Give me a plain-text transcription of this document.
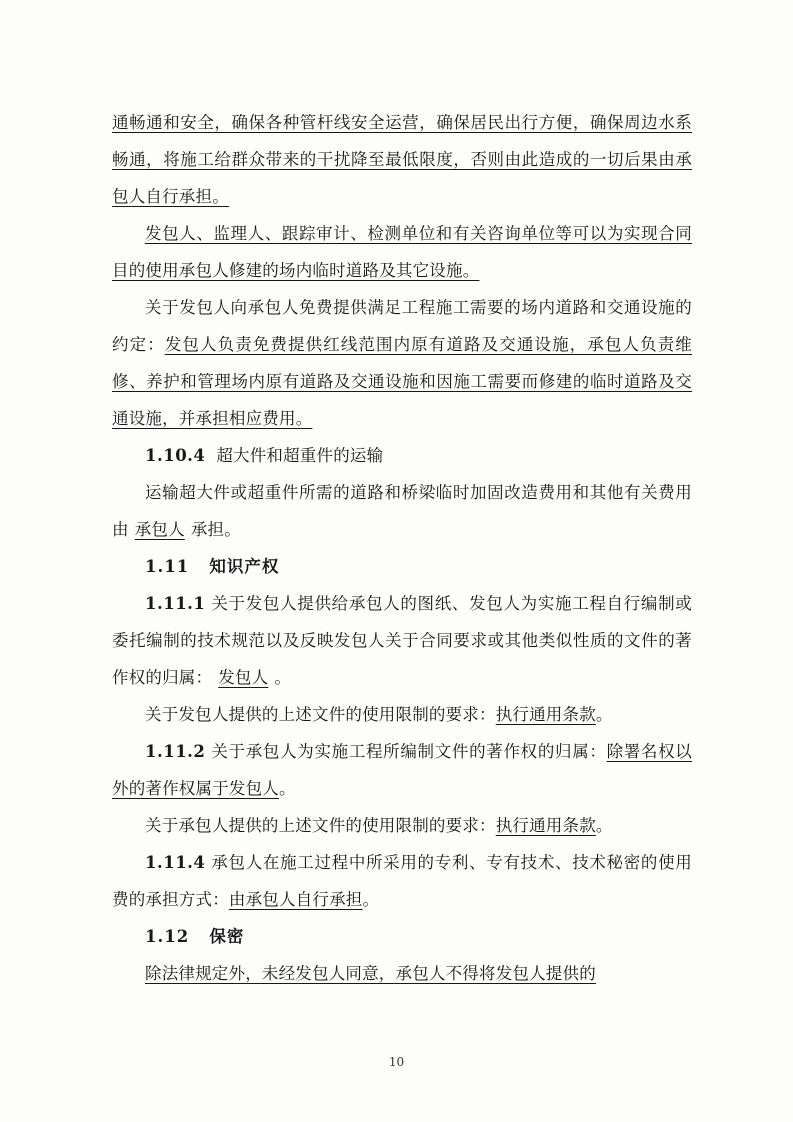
通畅通和安全，确保各种管杆线安全运营，确保居民出行方便，确保周边水系畅通，将施工给群众带来的干扰降至最低限度，否则由此造成的一切后果由承包人自行承担。

发包人、监理人、跟踪审计、检测单位和有关咨询单位等可以为实现合同目的使用承包人修建的场内临时道路及其它设施。

关于发包人向承包人免费提供满足工程施工需要的场内道路和交通设施的约定：发包人负责免费提供红线范围内原有道路及交通设施，承包人负责维修、养护和管理场内原有道路及交通设施和因施工需要而修建的临时道路及交通设施，并承担相应费用。

1.10.4 超大件和超重件的运输

运输超大件或超重件所需的道路和桥梁临时加固改造费用和其他有关费用由 承包人 承担。

1.11 知识产权

1.11.1 关于发包人提供给承包人的图纸、发包人为实施工程自行编制或委托编制的技术规范以及反映发包人关于合同要求或其他类似性质的文件的著作权的归属： 发包人 。

关于发包人提供的上述文件的使用限制的要求：执行通用条款。

1.11.2 关于承包人为实施工程所编制文件的著作权的归属：除署名权以外的著作权属于发包人。

关于承包人提供的上述文件的使用限制的要求：执行通用条款。

1.11.4 承包人在施工过程中所采用的专利、专有技术、技术秘密的使用费的承担方式：由承包人自行承担。

1.12 保密

除法律规定外，未经发包人同意，承包人不得将发包人提供的

10
